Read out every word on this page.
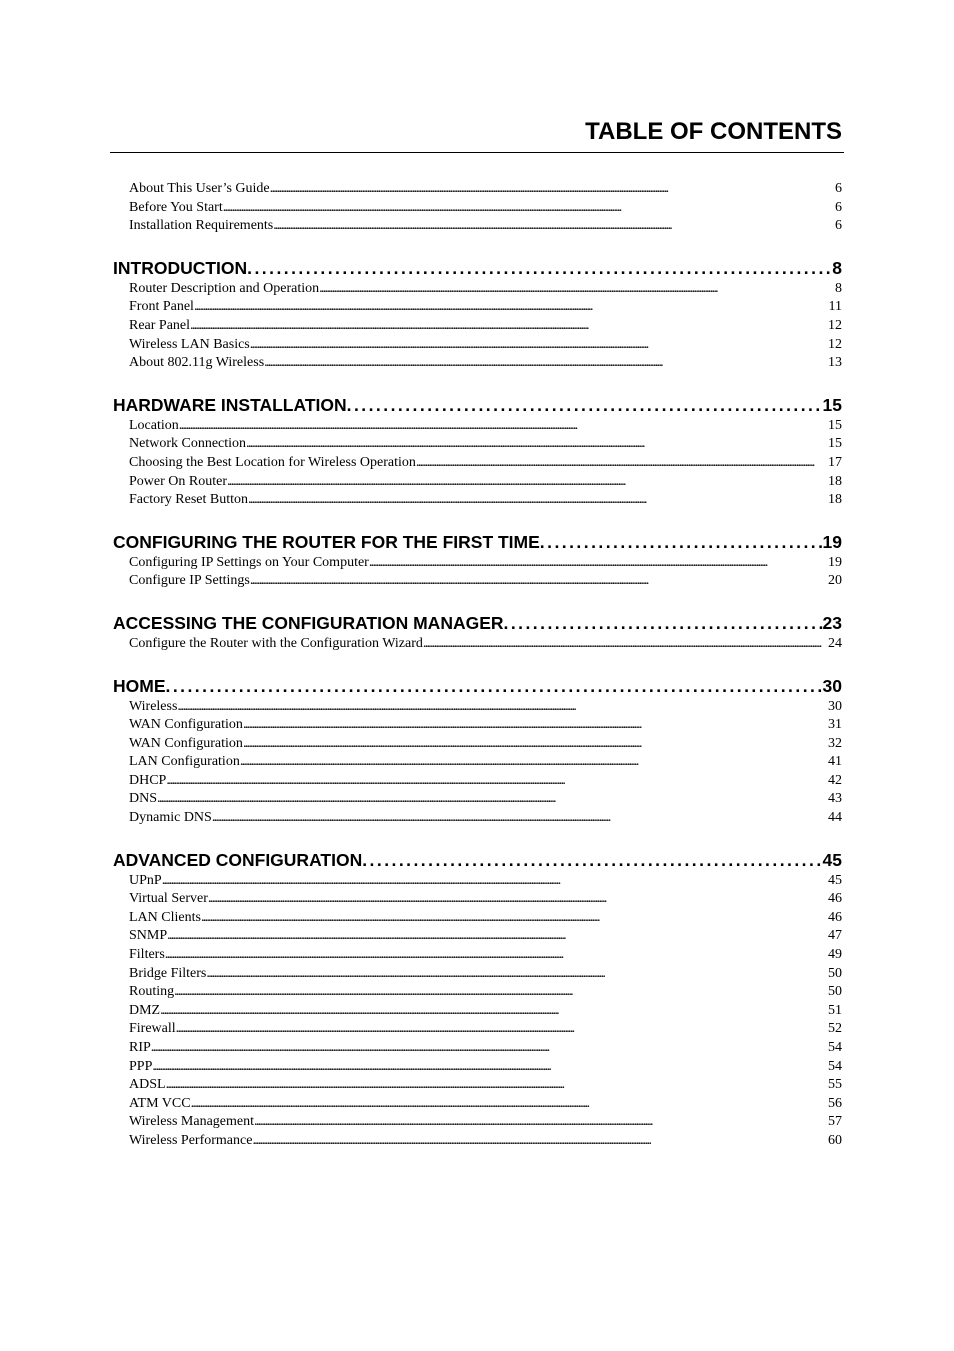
TABLE OF CONTENTS
About This User’s Guide . . .	6
Before You Start . . .	6
Installation Requirements . . .	6
INTRODUCTION . . .	8
Router Description and Operation . . .	8
Front Panel . . .	11
Rear Panel . . .	12
Wireless LAN Basics . . .	12
About 802.11g Wireless . . .	13
HARDWARE INSTALLATION . . .	15
Location . . .	15
Network Connection . . .	15
Choosing the Best Location for Wireless Operation . . .	17
Power On Router . . .	18
Factory Reset Button . . .	18
CONFIGURING THE ROUTER FOR THE FIRST TIME . . .	19
Configuring IP Settings on Your Computer . . .	19
Configure IP Settings . . .	20
ACCESSING THE CONFIGURATION MANAGER . . .	23
Configure the Router with the Configuration Wizard . . .	24
HOME . . .	30
Wireless . . .	30
WAN Configuration . . .	31
WAN Configuration . . .	32
LAN Configuration . . .	41
DHCP . . .	42
DNS . . .	43
Dynamic DNS . . .	44
ADVANCED CONFIGURATION . . .	45
UPnP . . .	45
Virtual Server . . .	46
LAN Clients . . .	46
SNMP . . .	47
Filters . . .	49
Bridge Filters . . .	50
Routing . . .	50
DMZ . . .	51
Firewall . . .	52
RIP . . .	54
PPP . . .	54
ADSL . . .	55
ATM VCC . . .	56
Wireless Management . . .	57
Wireless Performance . . .	60
